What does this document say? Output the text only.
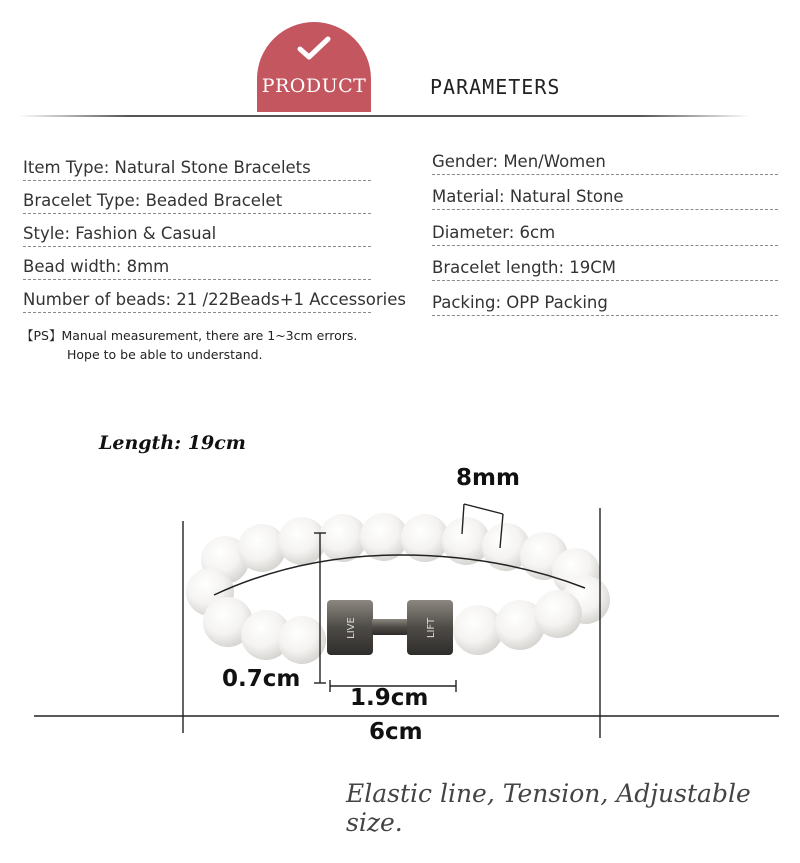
PRODUCT	PARAMETERS
Item Type: Natural Stone Bracelets
Bracelet Type: Beaded Bracelet
Style: Fashion & Casual
Bead width: 8mm
Number of beads: 21 /22Beads+1 Accessories
Gender: Men/Women
Material: Natural Stone
Diameter: 6cm
Bracelet length: 19CM
Packing: OPP Packing
【PS】Manual measurement, there are 1~3cm errors.
Hope to be able to understand.
LIVE	LIFT
Length: 19cm
8mm
0.7cm
1.9cm
6cm
Elastic line, Tension, Adjustable size.
